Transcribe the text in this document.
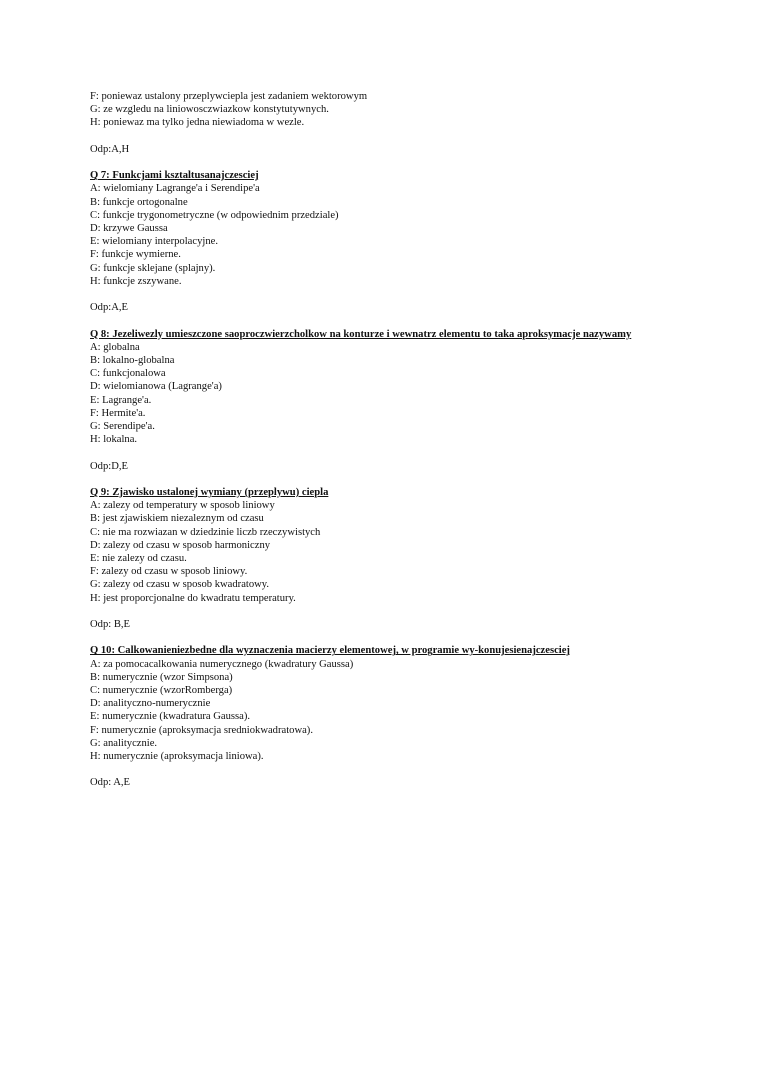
F: poniewaz ustalony przeplywciepla jest zadaniem wektorowym

G: ze wzgledu na liniowosczwiazkow konstytutywnych.

H: poniewaz ma tylko jedna niewiadoma w wezle.

Odp:A,H

Q 7: Funkcjami ksztaltusanajczesciej

A: wielomiany Lagrange'a i Serendipe'a

B: funkcje ortogonalne

C: funkcje trygonometryczne (w odpowiednim przedziale)

D: krzywe Gaussa

E: wielomiany interpolacyjne.

F: funkcje wymierne.

G: funkcje sklejane (splajny).

H: funkcje zszywane.

Odp:A,E

Q 8: Jezeliwezly umieszczone saoproczwierzcholkow na konturze i wewnatrz elementu to taka aproksymacje nazywamy

A: globalna

B: lokalno-globalna

C: funkcjonalowa

D: wielomianowa (Lagrange'a)

E: Lagrange'a.

F: Hermite'a.

G: Serendipe'a.

H: lokalna.

Odp:D,E

Q 9: Zjawisko ustalonej wymiany (przeplywu) ciepla

A: zalezy od temperatury w sposob liniowy

B: jest zjawiskiem niezaleznym od czasu

C: nie ma rozwiazan w dziedzinie liczb rzeczywistych

D: zalezy od czasu w sposob harmoniczny

E: nie zalezy od czasu.

F: zalezy od czasu w sposob liniowy.

G: zalezy od czasu w sposob kwadratowy.

H: jest proporcjonalne do kwadratu temperatury.

Odp: B,E

Q 10: Calkowanieniezbedne dla wyznaczenia macierzy elementowej, w programie wy-konujesienajczesciej

A: za pomocacalkowania numerycznego (kwadratury Gaussa)

B: numerycznie (wzor Simpsona)

C: numerycznie (wzorRomberga)

D: analityczno-numerycznie

E: numerycznie (kwadratura Gaussa).

F: numerycznie (aproksymacja sredniokwadratowa).

G: analitycznie.

H: numerycznie (aproksymacja liniowa).

Odp: A,E
